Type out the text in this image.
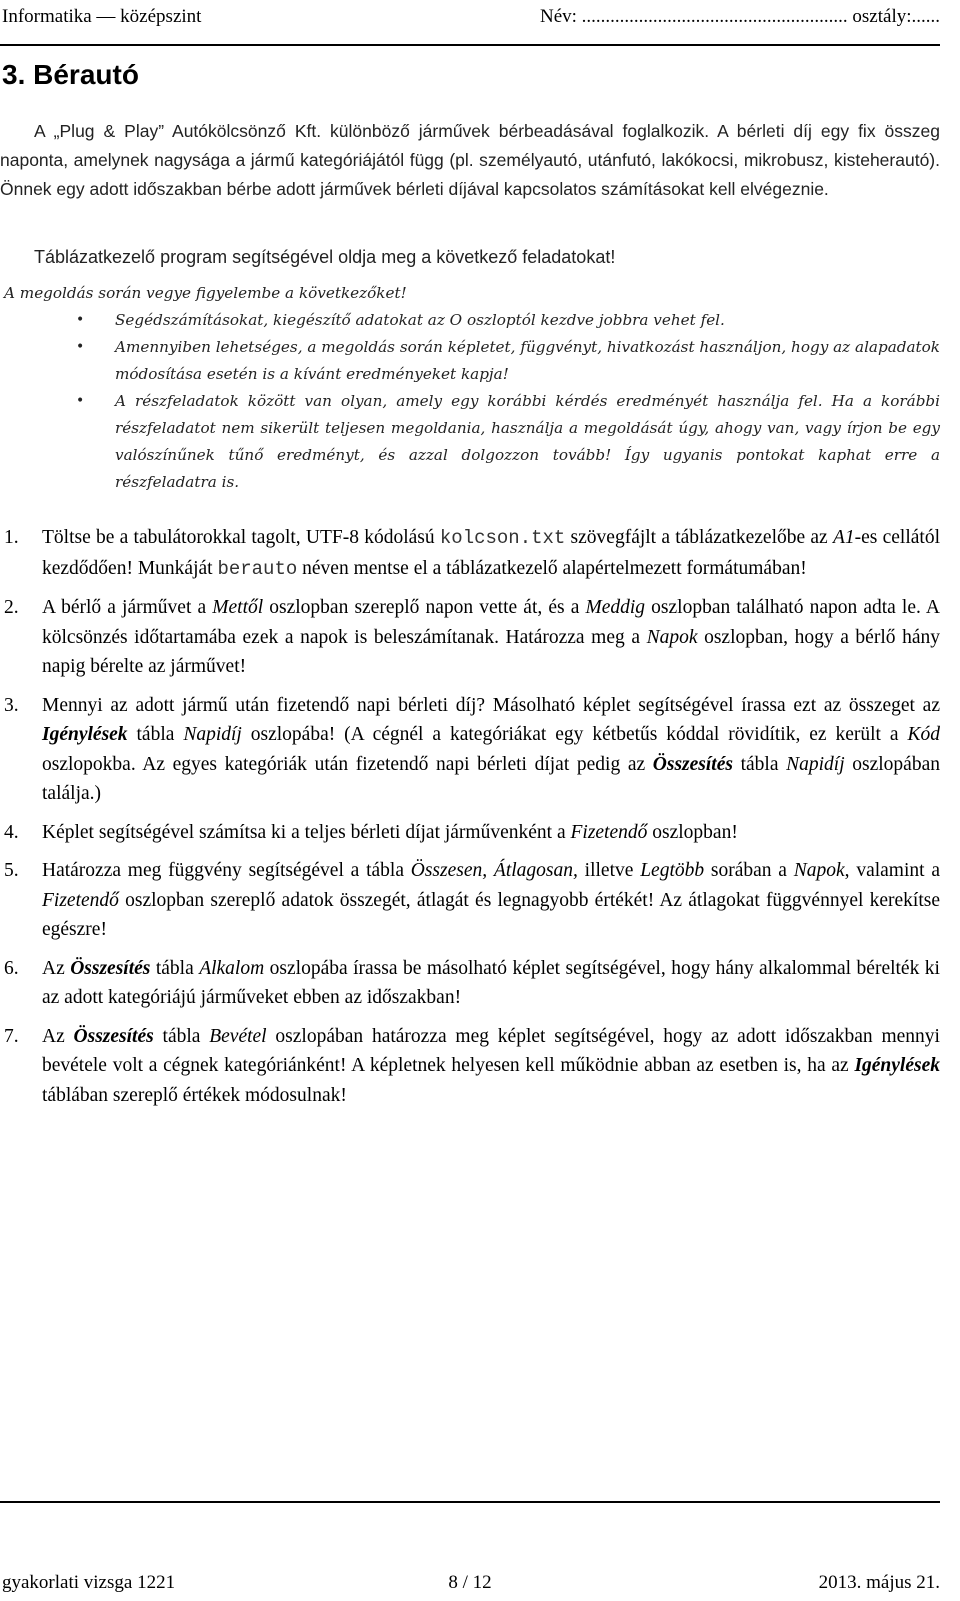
Informatika — középszint	Név: ........................................................ osztály:......
3. Bérautó

A „Plug & Play” Autókölcsönző Kft. különböző járművek bérbeadásával foglalkozik. A bérleti díj egy fix összeg naponta, amelynek nagysága a jármű kategóriájától függ (pl. személyautó, utánfutó, lakókocsi, mikrobusz, kisteherautó). Önnek egy adott időszakban bérbe adott járművek bérleti díjával kapcsolatos számításokat kell elvégeznie.

Táblázatkezelő program segítségével oldja meg a következő feladatokat!

A megoldás során vegye figyelembe a következőket!

• Segédszámításokat, kiegészítő adatokat az O oszloptól kezdve jobbra vehet fel.
• Amennyiben lehetséges, a megoldás során képletet, függvényt, hivatkozást használjon, hogy az alapadatok módosítása esetén is a kívánt eredményeket kapja!
• A részfeladatok között van olyan, amely egy korábbi kérdés eredményét használja fel. Ha a korábbi részfeladatot nem sikerült teljesen megoldania, használja a megoldását úgy, ahogy van, vagy írjon be egy valószínűnek tűnő eredményt, és azzal dolgozzon tovább! Így ugyanis pontokat kaphat erre a részfeladatra is.
1. Töltse be a tabulátorokkal tagolt, UTF-8 kódolású kolcson.txt szövegfájlt a táblázatkezelőbe az A1-es cellától kezdődően! Munkáját berauto néven mentse el a táblázatkezelő alapértelmezett formátumában!
2. A bérlő a járművet a Mettől oszlopban szereplő napon vette át, és a Meddig oszlopban található napon adta le. A kölcsönzés időtartamába ezek a napok is beleszámítanak. Határozza meg a Napok oszlopban, hogy a bérlő hány napig bérelte az járművet!
3. Mennyi az adott jármű után fizetendő napi bérleti díj? Másolható képlet segítségével írassa ezt az összeget az Igénylések tábla Napidíj oszlopába! (A cégnél a kategóriákat egy kétbetűs kóddal rövidítik, ez került a Kód oszlopokba. Az egyes kategóriák után fizetendő napi bérleti díjat pedig az Összesítés tábla Napidíj oszlopában találja.)
4. Képlet segítségével számítsa ki a teljes bérleti díjat járművenként a Fizetendő oszlopban!
5. Határozza meg függvény segítségével a tábla Összesen, Átlagosan, illetve Legtöbb sorában a Napok, valamint a Fizetendő oszlopban szereplő adatok összegét, átlagát és legnagyobb értékét! Az átlagokat függvénnyel kerekítse egészre!
6. Az Összesítés tábla Alkalom oszlopába írassa be másolható képlet segítségével, hogy hány alkalommal bérelték ki az adott kategóriájú járműveket ebben az időszakban!
7. Az Összesítés tábla Bevétel oszlopában határozza meg képlet segítségével, hogy az adott időszakban mennyi bevétele volt a cégnek kategóriánként! A képletnek helyesen kell működnie abban az esetben is, ha az Igénylések táblában szereplő értékek módosulnak!
8 / 12
gyakorlati vizsga 1221	2013. május 21.
